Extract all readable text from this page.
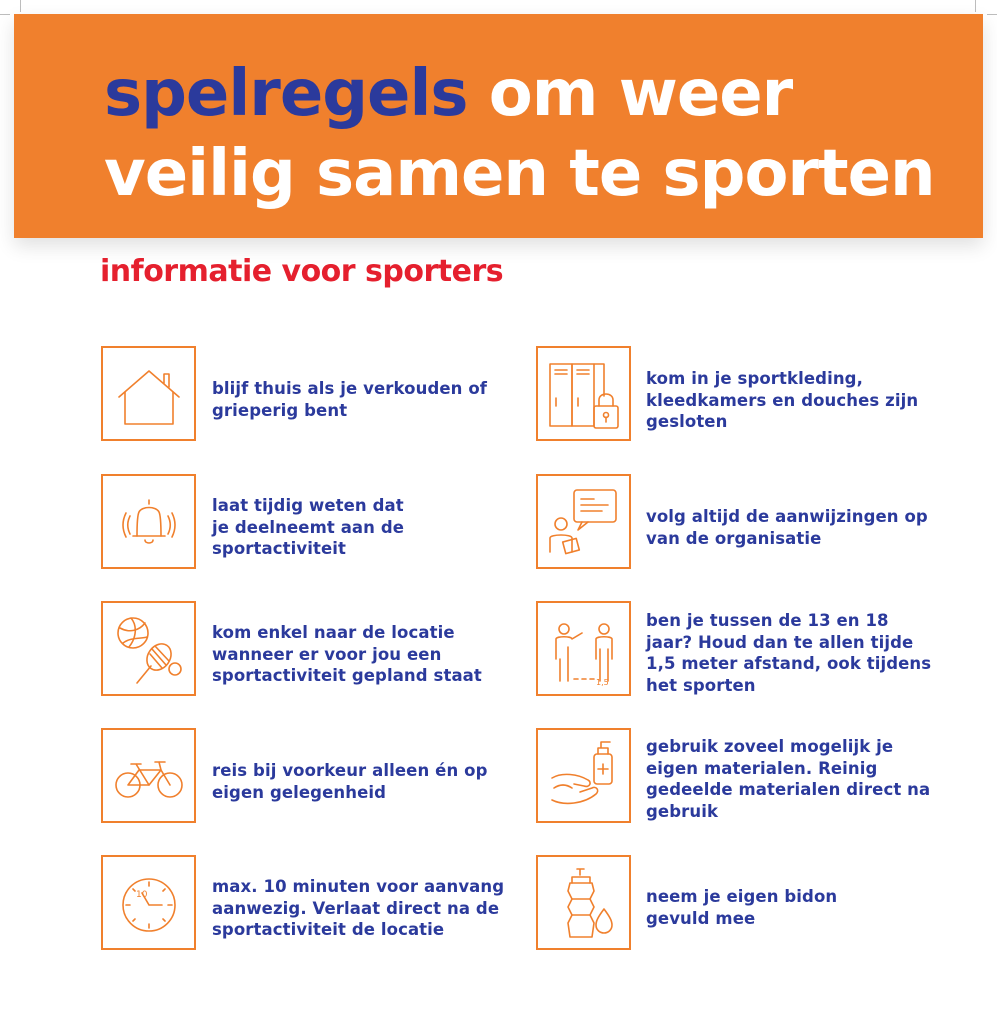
spelregels om weer
veilig samen te sporten
informatie voor sporters
blijf thuis als je verkouden of
grieperig bent
laat tijdig weten dat
je deelneemt aan de
sportactiviteit
kom enkel naar de locatie
wanneer er voor jou een
sportactiviteit gepland staat
reis bij voorkeur alleen én op
eigen gelegenheid
10	max. 10 minuten voor aanvang
aanwezig. Verlaat direct na de
sportactiviteit de locatie
kom in je sportkleding,
kleedkamers en douches zijn
gesloten
volg altijd de aanwijzingen op
van de organisatie
1,5
ben je tussen de 13 en 18
jaar? Houd dan te allen tijde
1,5 meter afstand, ook tijdens
het sporten
gebruik zoveel mogelijk je
eigen materialen. Reinig
gedeelde materialen direct na
gebruik
neem je eigen bidon
gevuld mee
